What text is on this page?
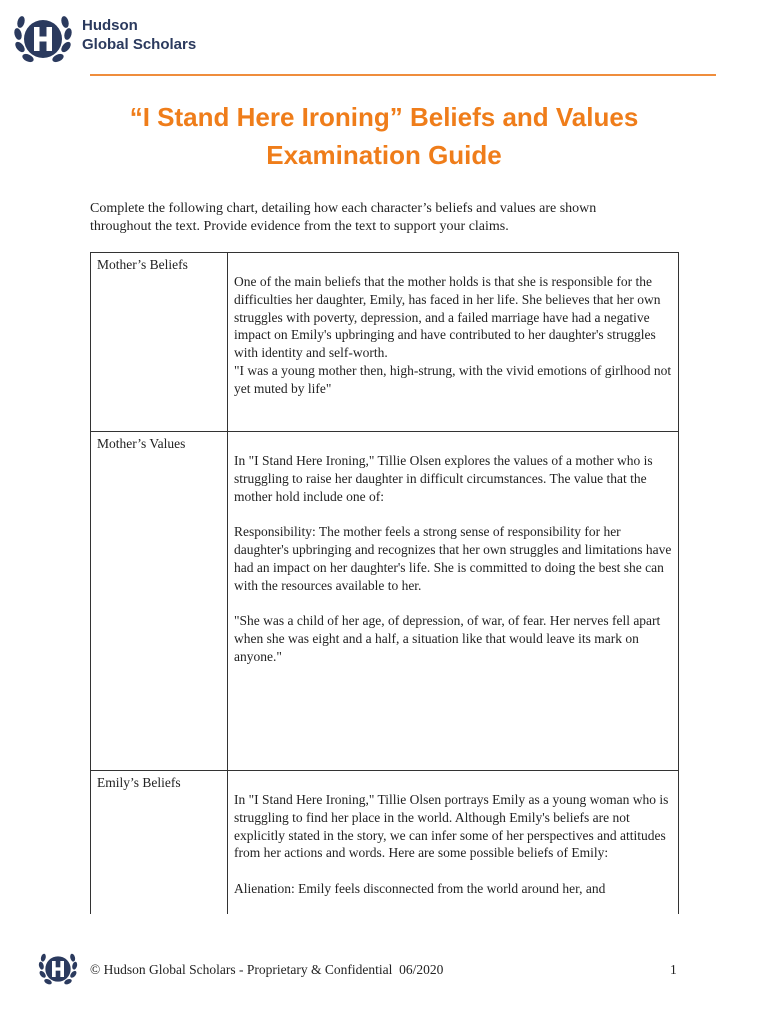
Hudson
Global Scholars
“I Stand Here Ironing” Beliefs and Values
Examination Guide

Complete the following chart, detailing how each character’s beliefs and values are shown throughout the text. Provide evidence from the text to support your claims.

Mother’s Beliefs	One of the main beliefs that the mother holds is that she is responsible for the difficulties her daughter, Emily, has faced in her life. She believes that her own struggles with poverty, depression, and a failed marriage have had a negative impact on Emily's upbringing and have contributed to her daughter's struggles with identity and self-worth.

"I was a young mother then, high-strung, with the vivid emotions of girlhood not yet muted by life"

Mother’s Values	In "I Stand Here Ironing," Tillie Olsen explores the values of a mother who is struggling to raise her daughter in difficult circumstances. The value that the mother hold include one of:

Responsibility: The mother feels a strong sense of responsibility for her daughter's upbringing and recognizes that her own struggles and limitations have had an impact on her daughter's life. She is committed to doing the best she can with the resources available to her.

"She was a child of her age, of depression, of war, of fear. Her nerves fell apart when she was eight and a half, a situation like that would leave its mark on anyone."

Emily’s Beliefs	In "I Stand Here Ironing," Tillie Olsen portrays Emily as a young woman who is struggling to find her place in the world. Although Emily's beliefs are not explicitly stated in the story, we can infer some of her perspectives and attitudes from her actions and words. Here are some possible beliefs of Emily:

Alienation: Emily feels disconnected from the world around her, and

© Hudson Global Scholars - Proprietary & Confidential  06/2020	1
